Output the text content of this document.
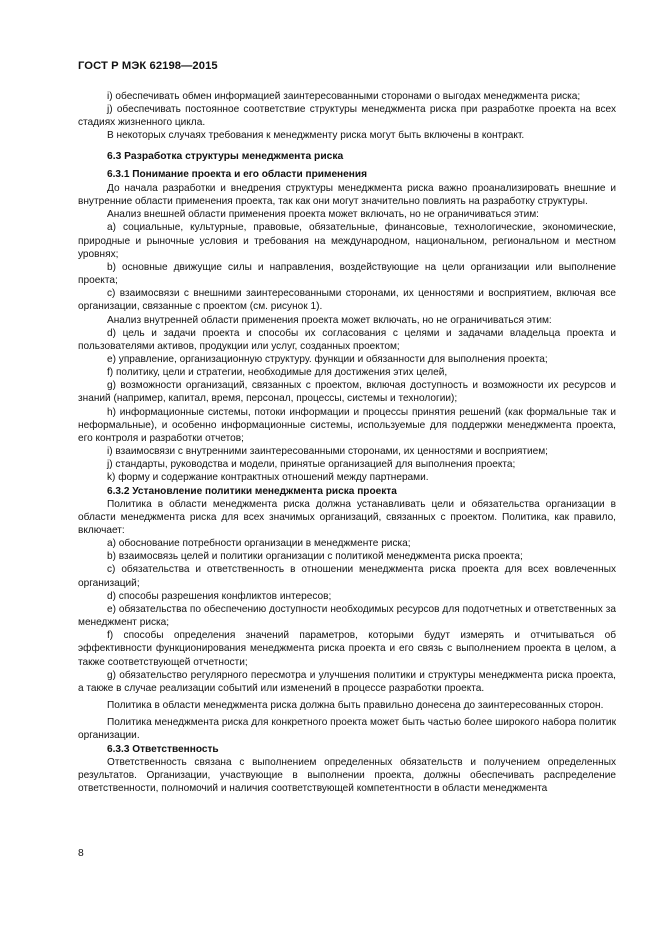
ГОСТ Р МЭК 62198—2015

i) обеспечивать обмен информацией заинтересованными сторонами о выгодах менеджмента риска;

j) обеспечивать постоянное соответствие структуры менеджмента риска при разработке проекта на всех стадиях жизненного цикла.

В некоторых случаях требования к менеджменту риска могут быть включены в контракт.

6.3 Разработка структуры менеджмента риска
6.3.1 Понимание проекта и его области применения

До начала разработки и внедрения структуры менеджмента риска важно проанализировать внешние и внутренние области применения проекта, так как они могут значительно повлиять на разработку структуры.

Анализ внешней области применения проекта может включать, но не ограничиваться этим:

а) социальные, культурные, правовые, обязательные, финансовые, технологические, экономические, природные и рыночные условия и требования на международном, национальном, региональном и местном уровнях;

b) основные движущие силы и направления, воздействующие на цели организации или выполнение проекта;

c) взаимосвязи с внешними заинтересованными сторонами, их ценностями и восприятием, включая все организации, связанные с проектом (см. рисунок 1).

Анализ внутренней области применения проекта может включать, но не ограничиваться этим:

d) цель и задачи проекта и способы их согласования с целями и задачами владельца проекта и пользователями активов, продукции или услуг, созданных проектом;

e) управление, организационную структуру. функции и обязанности для выполнения проекта;

f) политику, цели и стратегии, необходимые для достижения этих целей,

g) возможности организаций, связанных с проектом, включая доступность и возможности их ресурсов и знаний (например, капитал, время, персонал, процессы, системы и технологии);

h) информационные системы, потоки информации и процессы принятия решений (как формальные так и неформальные), и особенно информационные системы, используемые для поддержки менеджмента проекта, его контроля и разработки отчетов;

i) взаимосвязи с внутренними заинтересованными сторонами, их ценностями и восприятием;

j) стандарты, руководства и модели, принятые организацией для выполнения проекта;

k) форму и содержание контрактных отношений между партнерами.

6.3.2 Установление политики менеджмента риска проекта

Политика в области менеджмента риска должна устанавливать цели и обязательства организации в области менеджмента риска для всех значимых организаций, связанных с проектом. Политика, как правило, включает:

а) обоснование потребности организации в менеджменте риска;

b) взаимосвязь целей и политики организации с политикой менеджмента риска проекта;

c) обязательства и ответственность в отношении менеджмента риска проекта для всех вовлеченных организаций;

d) способы разрешения конфликтов интересов;

e) обязательства по обеспечению доступности необходимых ресурсов для подотчетных и ответственных за менеджмент риска;

f) способы определения значений параметров, которыми будут измерять и отчитываться об эффективности функционирования менеджмента риска проекта и его связь с выполнением проекта в целом, а также соответствующей отчетности;

g) обязательство регулярного пересмотра и улучшения политики и структуры менеджмента риска проекта, а также в случае реализации событий или изменений в процессе разработки проекта.

Политика в области менеджмента риска должна быть правильно донесена до заинтересованных сторон.

Политика менеджмента риска для конкретного проекта может быть частью более широкого набора политик организации.

6.3.3 Ответственность

Ответственность связана с выполнением определенных обязательств и получением определенных результатов. Организации, участвующие в выполнении проекта, должны обеспечивать распределение ответственности, полномочий и наличия соответствующей компетентности в области менеджмента

8
